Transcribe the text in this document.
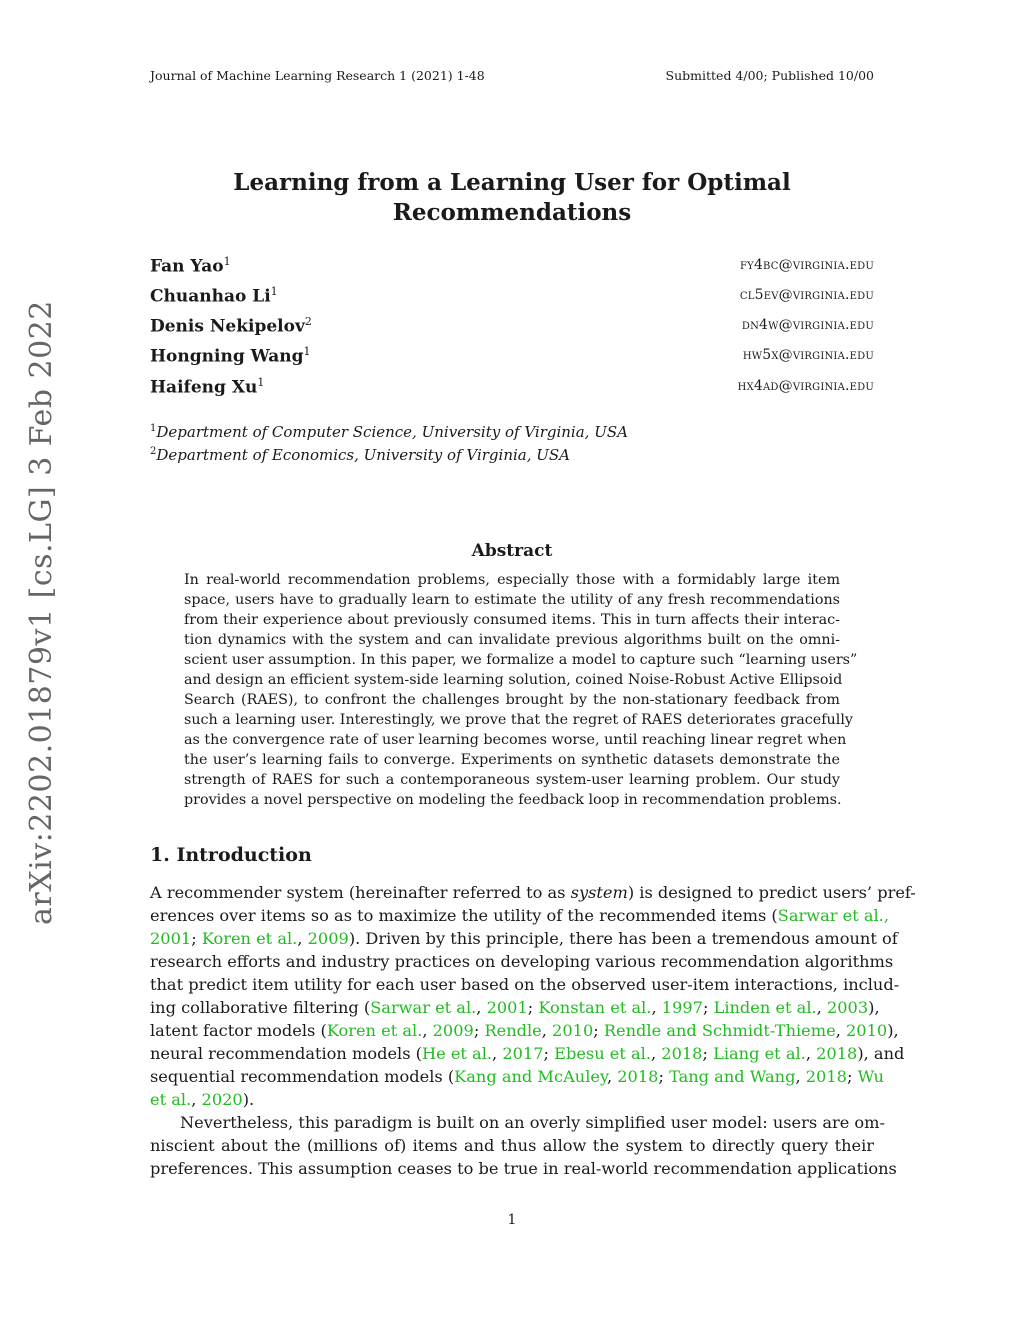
Journal of Machine Learning Research 1 (2021) 1-48	Submitted 4/00; Published 10/00
Learning from a Learning User for Optimal
Recommendations
Fan Yao$^1$	fy4bc@virginia.edu
Chuanhao Li$^1$	cl5ev@virginia.edu
Denis Nekipelov$^2$	dn4w@virginia.edu
Hongning Wang$^1$	hw5x@virginia.edu
Haifeng Xu$^1$	hx4ad@virginia.edu
$^1$Department of Computer Science, University of Virginia, USA
$^2$Department of Economics, University of Virginia, USA
arXiv:2202.01879v1 [cs.LG] 3 Feb 2022	Abstract
In real-world recommendation problems, especially those with a formidably large item
space, users have to gradually learn to estimate the utility of any fresh recommendations
from their experience about previously consumed items. This in turn affects their interac-
tion dynamics with the system and can invalidate previous algorithms built on the omni-
scient user assumption. In this paper, we formalize a model to capture such “learning users”
and design an efficient system-side learning solution, coined Noise-Robust Active Ellipsoid
Search (RAES), to confront the challenges brought by the non-stationary feedback from
such a learning user. Interestingly, we prove that the regret of RAES deteriorates gracefully
as the convergence rate of user learning becomes worse, until reaching linear regret when
the user’s learning fails to converge. Experiments on synthetic datasets demonstrate the
strength of RAES for such a contemporaneous system-user learning problem. Our study
provides a novel perspective on modeling the feedback loop in recommendation problems.
1. Introduction
A recommender system (hereinafter referred to as system) is designed to predict users’ pref-
erences over items so as to maximize the utility of the recommended items (Sarwar et al.,
2001; Koren et al., 2009). Driven by this principle, there has been a tremendous amount of
research efforts and industry practices on developing various recommendation algorithms
that predict item utility for each user based on the observed user-item interactions, includ-
ing collaborative filtering (Sarwar et al., 2001; Konstan et al., 1997; Linden et al., 2003),
latent factor models (Koren et al., 2009; Rendle, 2010; Rendle and Schmidt-Thieme, 2010),
neural recommendation models (He et al., 2017; Ebesu et al., 2018; Liang et al., 2018), and
sequential recommendation models (Kang and McAuley, 2018; Tang and Wang, 2018; Wu
et al., 2020).
Nevertheless, this paradigm is built on an overly simplified user model: users are om-
niscient about the (millions of) items and thus allow the system to directly query their
preferences. This assumption ceases to be true in real-world recommendation applications
1
